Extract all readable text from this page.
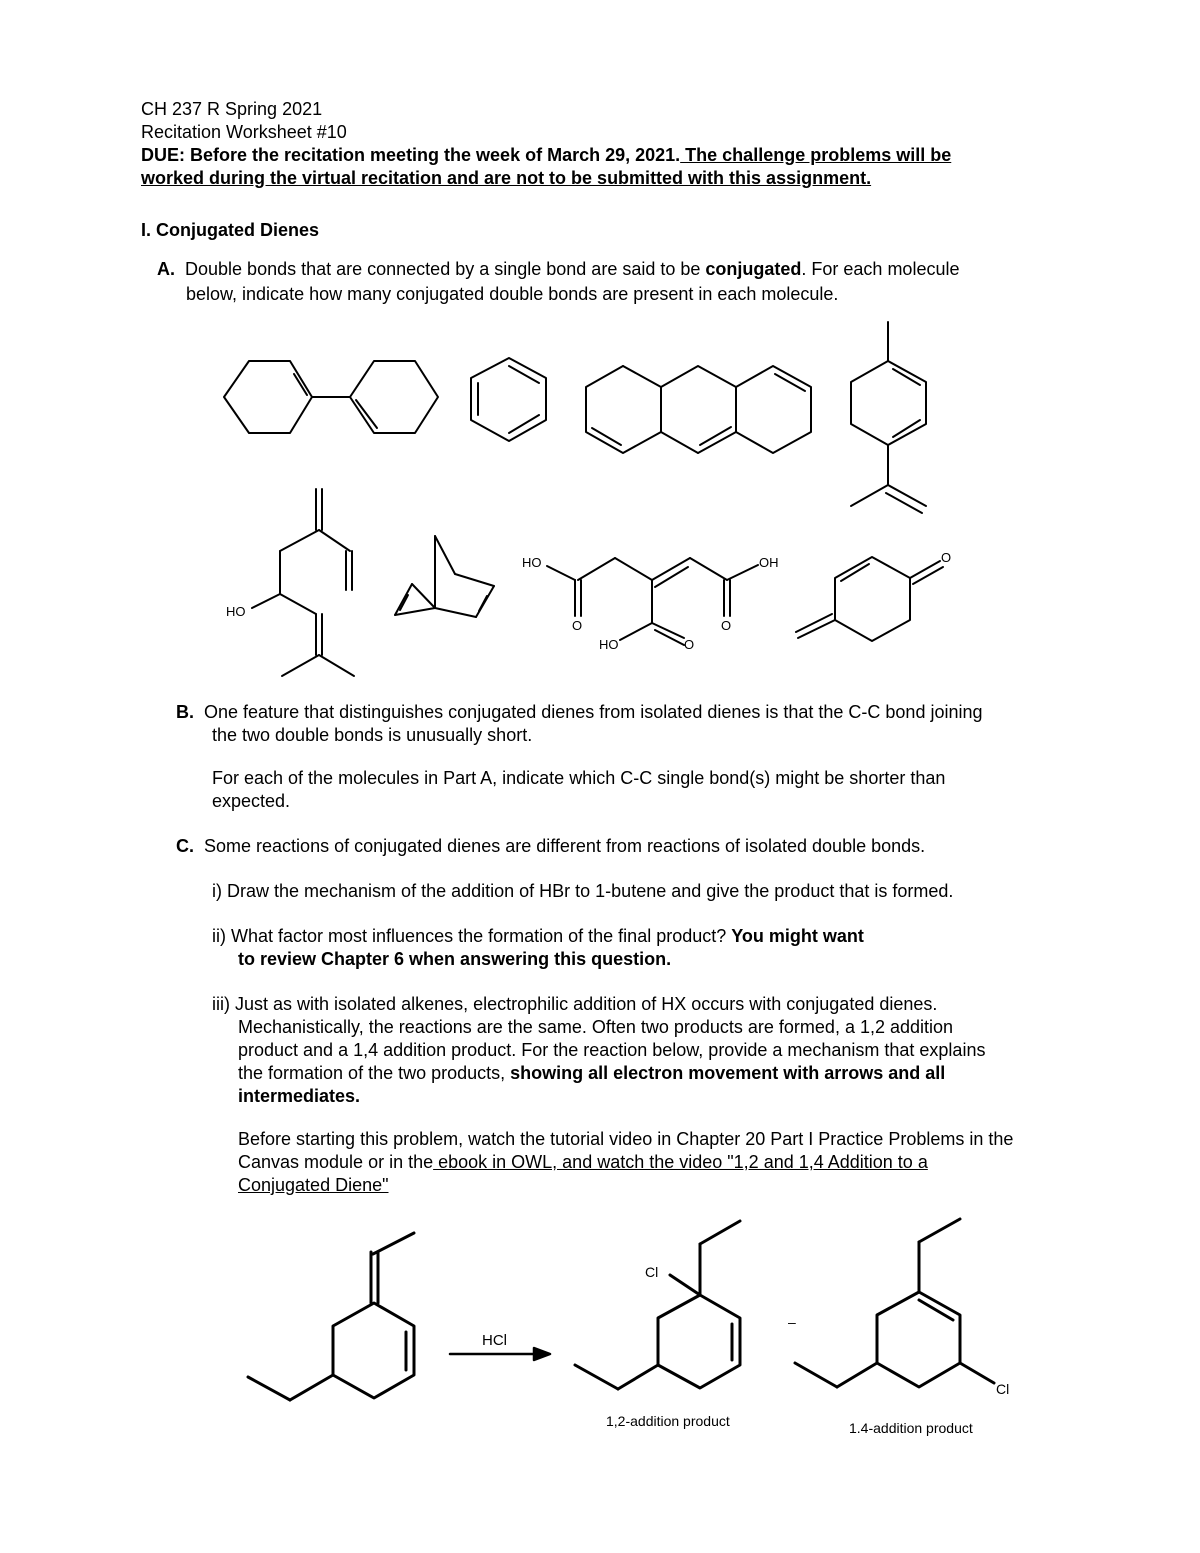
CH 237 R Spring 2021
Recitation Worksheet #10
DUE: Before the recitation meeting the week of March 29, 2021. The challenge problems will be
worked during the virtual recitation and are not to be submitted with this assignment.
I. Conjugated Dienes
A. Double bonds that are connected by a single bond are said to be conjugated. For each molecule
below, indicate how many conjugated double bonds are present in each molecule.
HO
HO	OH
O	O
HO	O
O
B. One feature that distinguishes conjugated dienes from isolated dienes is that the C-C bond joining
the two double bonds is unusually short.
For each of the molecules in Part A, indicate which C-C single bond(s) might be shorter than
expected.
C. Some reactions of conjugated dienes are different from reactions of isolated double bonds.
i) Draw the mechanism of the addition of HBr to 1-butene and give the product that is formed.
ii) What factor most influences the formation of the final product? You might want
to review Chapter 6 when answering this question.
iii) Just as with isolated alkenes, electrophilic addition of HX occurs with conjugated dienes.
Mechanistically, the reactions are the same. Often two products are formed, a 1,2 addition
product and a 1,4 addition product. For the reaction below, provide a mechanism that explains
the formation of the two products, showing all electron movement with arrows and all
intermediates.
Before starting this problem, watch the tutorial video in Chapter 20 Part I Practice Problems in the
Canvas module or in the ebook in OWL, and watch the video "1,2 and 1,4 Addition to a
Conjugated Diene"
HCl
Cl
1,2-addition product
–
Cl
1.4-addition product
